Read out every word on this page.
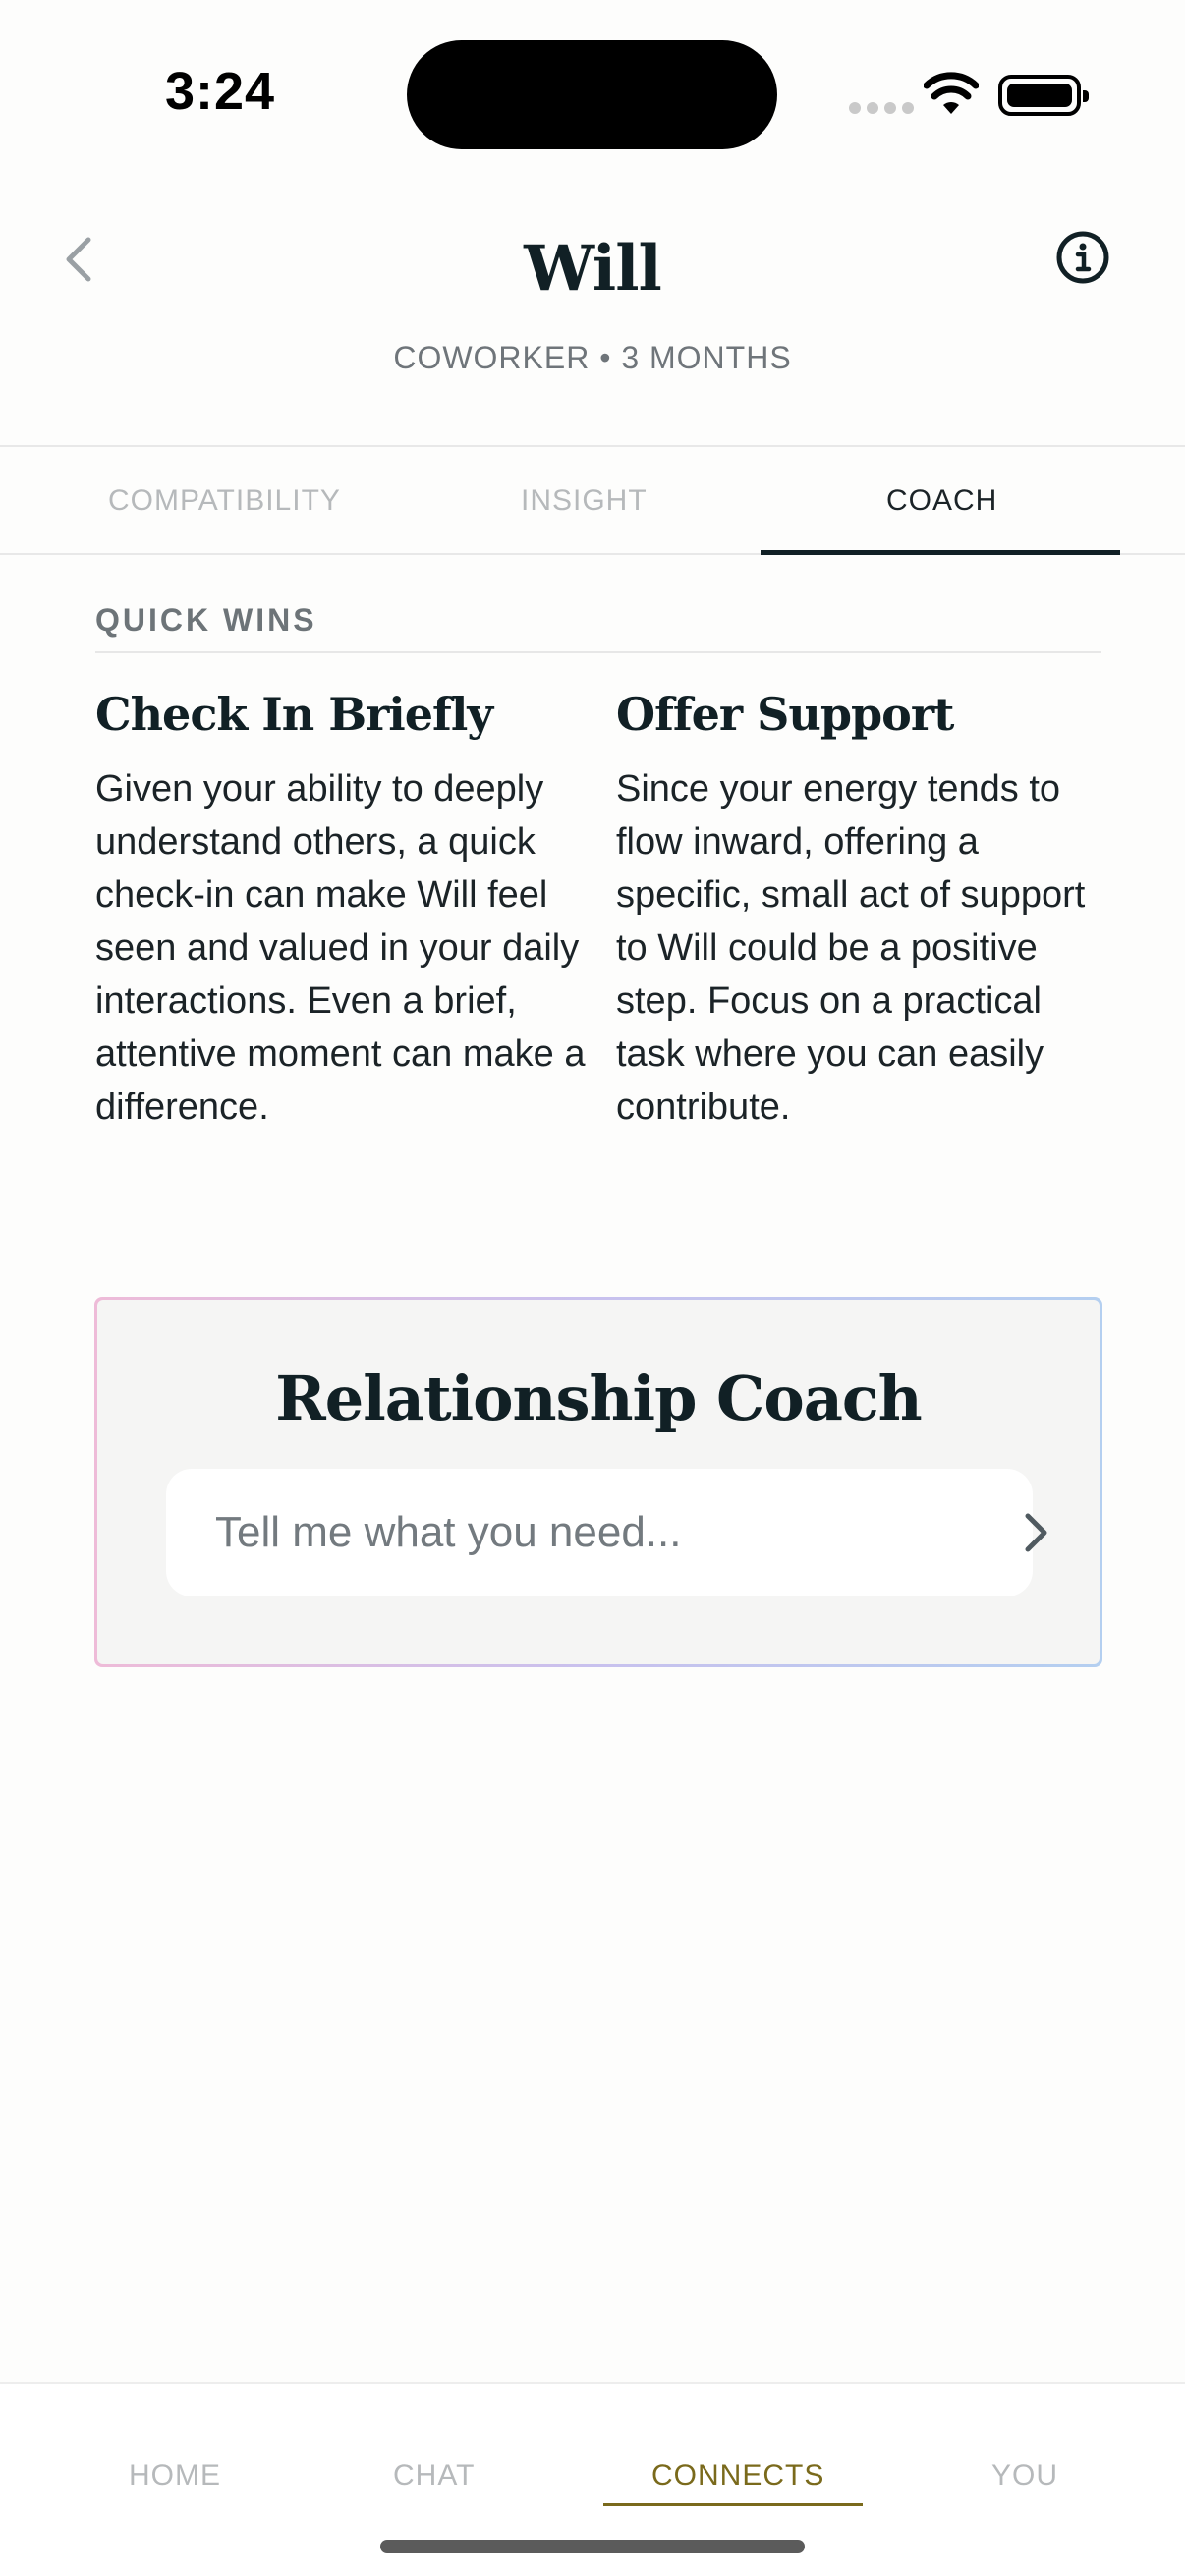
3:24
Will
COWORKER • 3 MONTHS
COMPATIBILITY	INSIGHT	COACH
QUICK WINS
Check In Briefly

Given your ability to deeply understand others, a quick check-in can make Will feel seen and valued in your daily interactions. Even a brief, attentive moment can make a difference.

Offer Support

Since your energy tends to flow inward, offering a specific, small act of support to Will could be a positive step. Focus on a practical task where you can easily contribute.

Relationship Coach
Tell me what you need...
HOME	CHAT	CONNECTS	YOU
